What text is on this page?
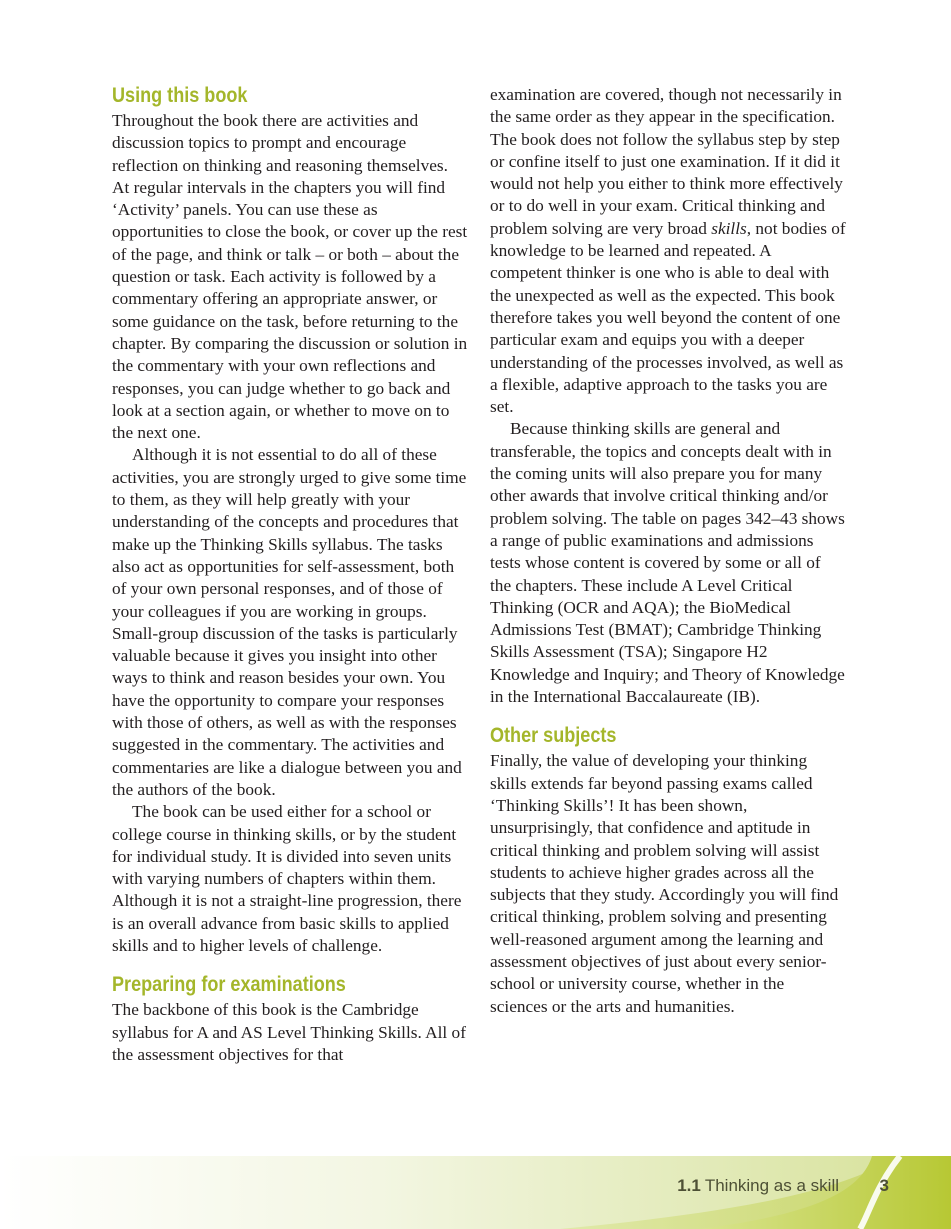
Using this book

Throughout the book there are activities and discussion topics to prompt and encourage reflection on thinking and reasoning themselves. At regular intervals in the chapters you will find ‘Activity’ panels. You can use these as opportunities to close the book, or cover up the rest of the page, and think or talk – or both – about the question or task. Each activity is followed by a commentary offering an appropriate answer, or some guidance on the task, before returning to the chapter. By comparing the discussion or solution in the commentary with your own reflections and responses, you can judge whether to go back and look at a section again, or whether to move on to the next one.

Although it is not essential to do all of these activities, you are strongly urged to give some time to them, as they will help greatly with your understanding of the concepts and procedures that make up the Thinking Skills syllabus. The tasks also act as opportunities for self-assessment, both of your own personal responses, and of those of your colleagues if you are working in groups. Small-group discussion of the tasks is particularly valuable because it gives you insight into other ways to think and reason besides your own. You have the opportunity to compare your responses with those of others, as well as with the responses suggested in the commentary. The activities and commentaries are like a dialogue between you and the authors of the book.

The book can be used either for a school or college course in thinking skills, or by the student for individual study. It is divided into seven units with varying numbers of chapters within them. Although it is not a straight-line progression, there is an overall advance from basic skills to applied skills and to higher levels of challenge.

Preparing for examinations

The backbone of this book is the Cambridge syllabus for A and AS Level Thinking Skills. All of the assessment objectives for that

examination are covered, though not necessarily in the same order as they appear in the specification. The book does not follow the syllabus step by step or confine itself to just one examination. If it did it would not help you either to think more effectively or to do well in your exam. Critical thinking and problem solving are very broad skills, not bodies of knowledge to be learned and repeated. A competent thinker is one who is able to deal with the unexpected as well as the expected. This book therefore takes you well beyond the content of one particular exam and equips you with a deeper understanding of the processes involved, as well as a flexible, adaptive approach to the tasks you are set.

Because thinking skills are general and transferable, the topics and concepts dealt with in the coming units will also prepare you for many other awards that involve critical thinking and/or problem solving. The table on pages 342–43 shows a range of public examinations and admissions tests whose content is covered by some or all of the chapters. These include A Level Critical Thinking (OCR and AQA); the BioMedical Admissions Test (BMAT); Cambridge Thinking Skills Assessment (TSA); Singapore H2 Knowledge and Inquiry; and Theory of Knowledge in the International Baccalaureate (IB).

Other subjects

Finally, the value of developing your thinking skills extends far beyond passing exams called ‘Thinking Skills’! It has been shown, unsurprisingly, that confidence and aptitude in critical thinking and problem solving will assist students to achieve higher grades across all the subjects that they study. Accordingly you will find critical thinking, problem solving and presenting well-reasoned argument among the learning and assessment objectives of just about every senior-school or university course, whether in the sciences or the arts and humanities.

1.1 Thinking as a skill 3
